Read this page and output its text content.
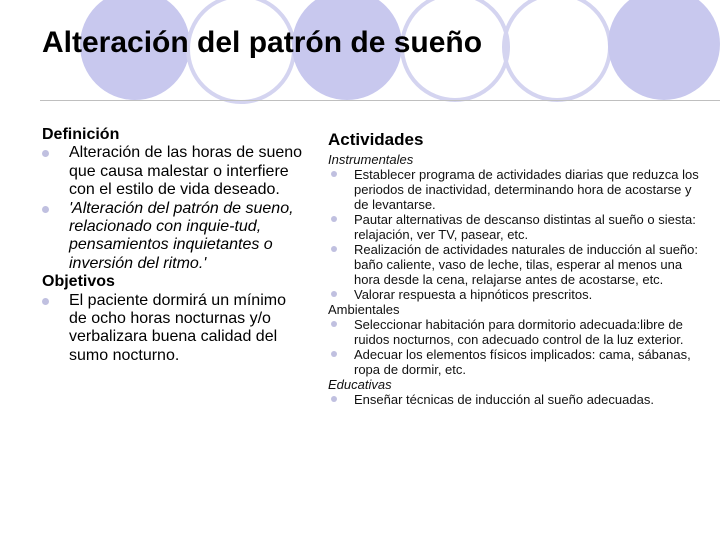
Alteración del patrón de sueño
Definición
Alteración de las horas de sueno que causa malestar o interfiere con el estilo de vida deseado.
'Alteración del patrón de sueno, relacionado con inquie-tud, pensamientos inquietantes o inversión del ritmo.'
Objetivos
El paciente dormirá un mínimo de ocho horas nocturnas y/o verbalizara buena calidad del sumo nocturno.
Actividades
Instrumentales
Establecer programa de actividades diarias que reduzca los periodos de inactividad, determinando hora de acostarse y de levantarse.
Pautar alternativas de descanso distintas al sueño o siesta: relajación, ver TV, pasear, etc.
Realización de actividades naturales de inducción al sueño: baño caliente, vaso de leche, tilas, esperar al menos una hora desde la cena, relajarse antes de acostarse, etc.
Valorar respuesta a hipnóticos prescritos.
Ambientales
Seleccionar habitación para dormitorio adecuada:libre de ruidos nocturnos, con adecuado control de la luz exterior.
Adecuar los elementos físicos implicados: cama, sábanas, ropa de dormir, etc.
Educativas
Enseñar técnicas de inducción al sueño adecuadas.
